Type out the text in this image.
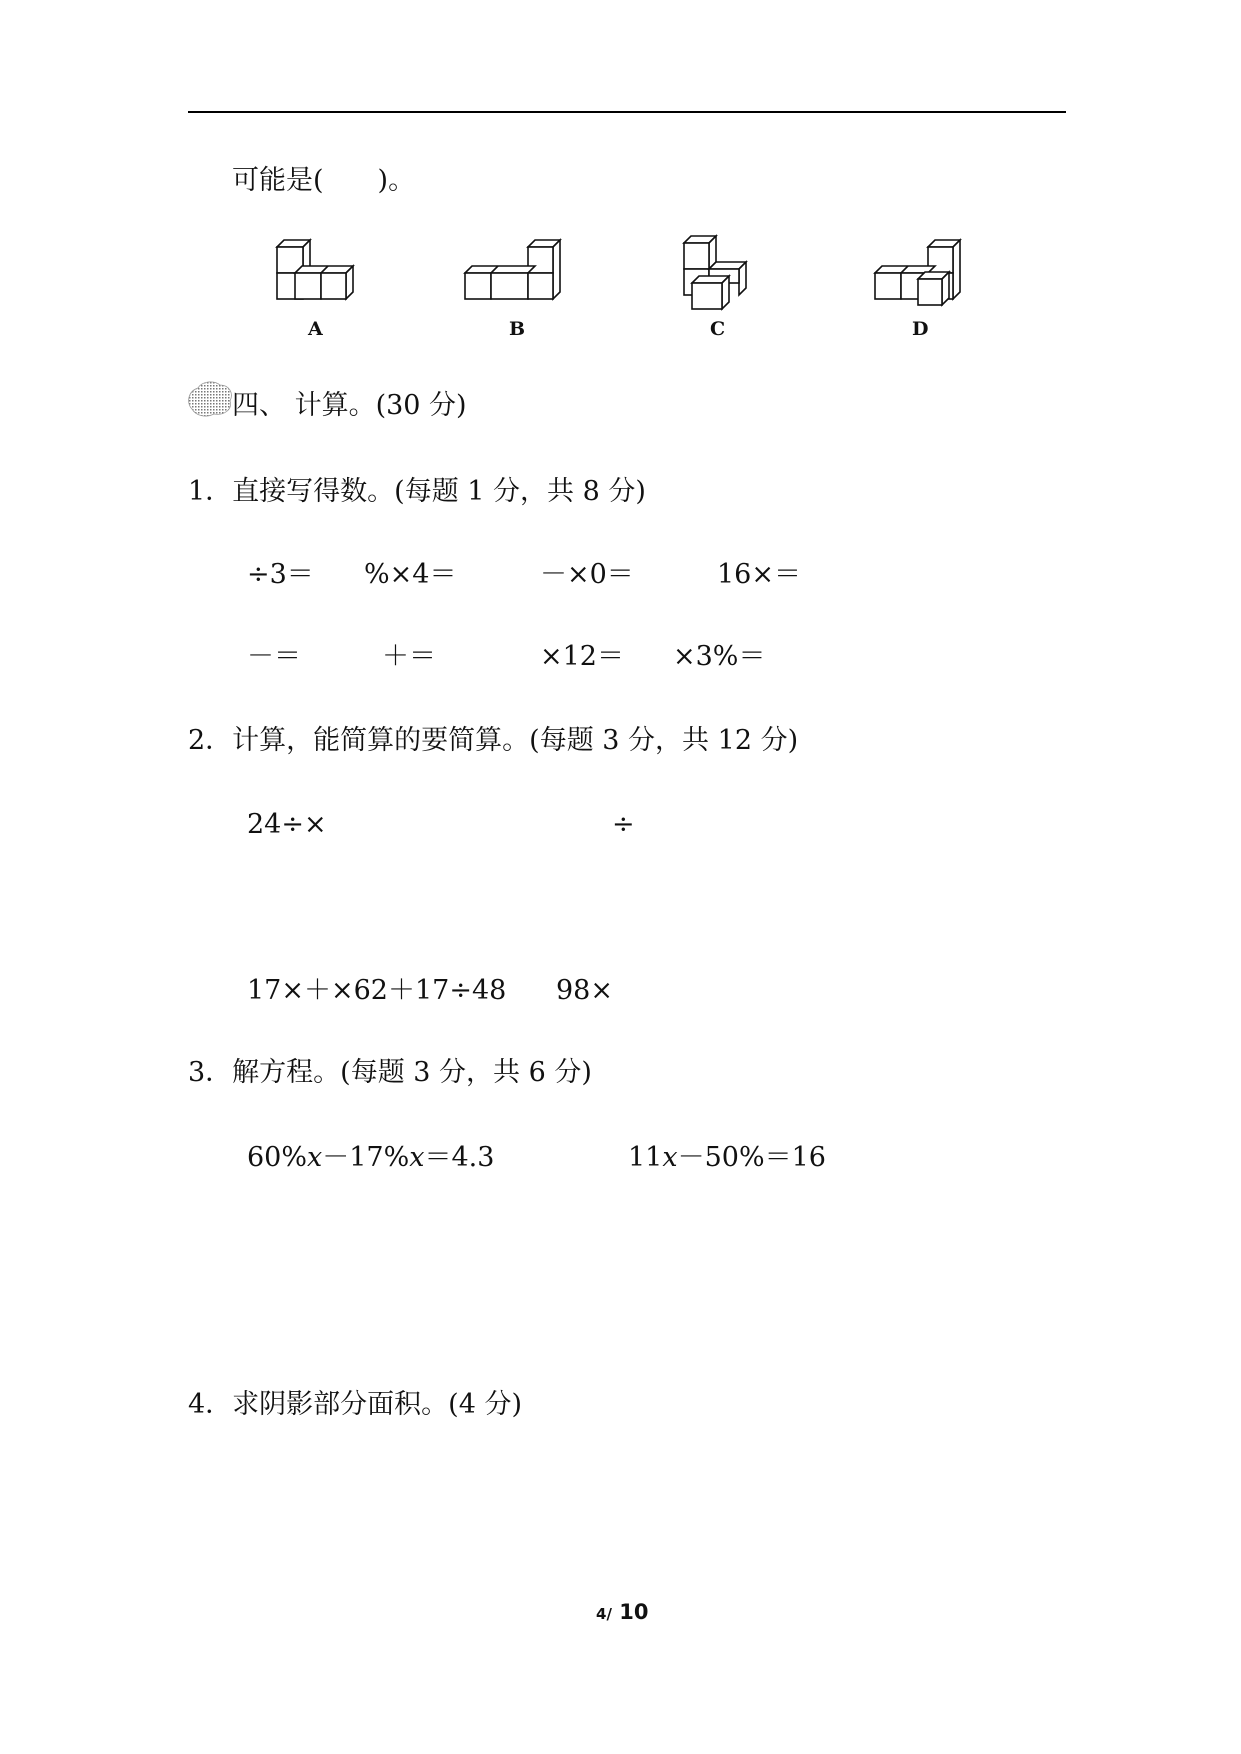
可能是(　　)。
A	B	C	D
四、 计算。(30 分)
1．直接写得数。(每题 1 分，共 8 分)
÷3＝ %×4＝	－×0＝	16×＝
－＝	＋＝	×12＝ ×3%＝
2．计算，能简算的要简算。(每题 3 分，共 12 分)
24÷×	÷
17×＋×62＋17÷48 98×
3．解方程。(每题 3 分，共 6 分)
60%x－17%x＝4.3	11x－50%＝16
4．求阴影部分面积。(4 分)
4/ 10
